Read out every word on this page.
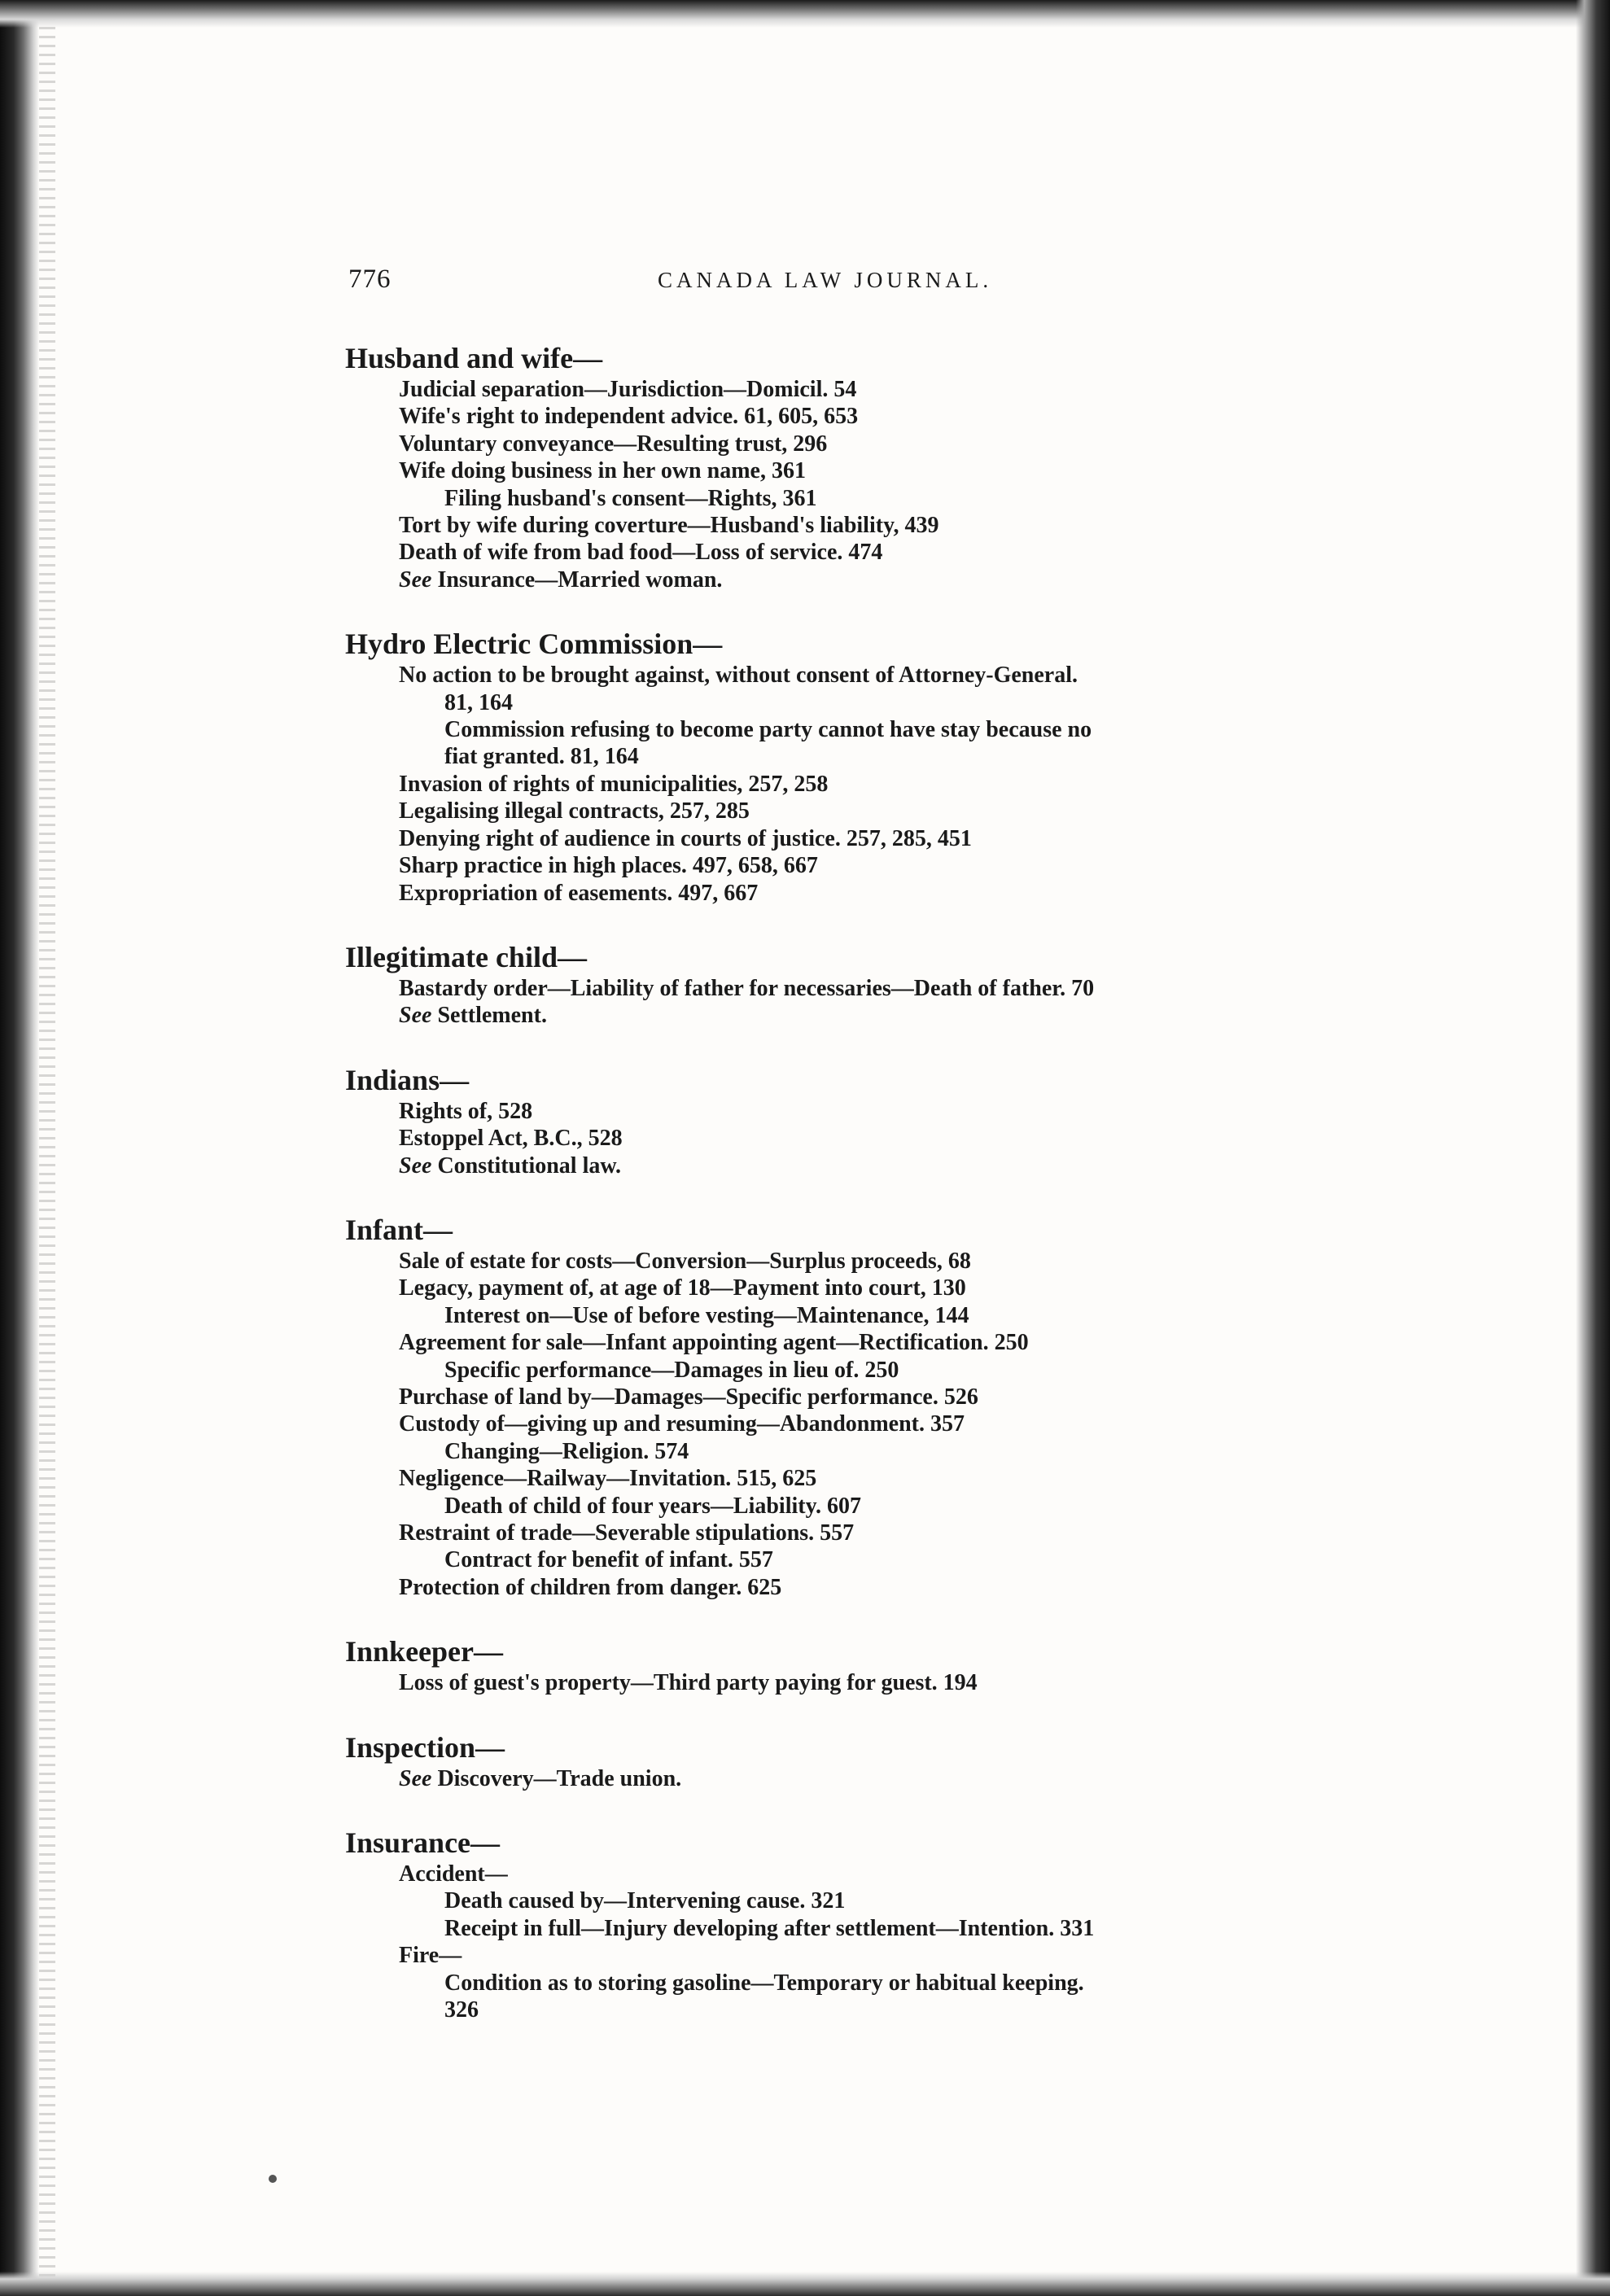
776	CANADA LAW JOURNAL.
Husband and wife—
Judicial separation—Jurisdiction—Domicil. 54
Wife's right to independent advice. 61, 605, 653
Voluntary conveyance—Resulting trust, 296
Wife doing business in her own name, 361
Filing husband's consent—Rights, 361
Tort by wife during coverture—Husband's liability, 439
Death of wife from bad food—Loss of service. 474
See Insurance—Married woman.
Hydro Electric Commission—
No action to be brought against, without consent of Attorney-General.
81, 164
Commission refusing to become party cannot have stay because no
fiat granted. 81, 164
Invasion of rights of municipalities, 257, 258
Legalising illegal contracts, 257, 285
Denying right of audience in courts of justice. 257, 285, 451
Sharp practice in high places. 497, 658, 667
Expropriation of easements. 497, 667
Illegitimate child—
Bastardy order—Liability of father for necessaries—Death of father. 70
See Settlement.
Indians—
Rights of, 528
Estoppel Act, B.C., 528
See Constitutional law.
Infant—
Sale of estate for costs—Conversion—Surplus proceeds, 68
Legacy, payment of, at age of 18—Payment into court, 130
Interest on—Use of before vesting—Maintenance, 144
Agreement for sale—Infant appointing agent—Rectification. 250
Specific performance—Damages in lieu of. 250
Purchase of land by—Damages—Specific performance. 526
Custody of—giving up and resuming—Abandonment. 357
Changing—Religion. 574
Negligence—Railway—Invitation. 515, 625
Death of child of four years—Liability. 607
Restraint of trade—Severable stipulations. 557
Contract for benefit of infant. 557
Protection of children from danger. 625
Innkeeper—
Loss of guest's property—Third party paying for guest. 194
Inspection—
See Discovery—Trade union.
Insurance—
Accident—
Death caused by—Intervening cause. 321
Receipt in full—Injury developing after settlement—Intention. 331
Fire—
Condition as to storing gasoline—Temporary or habitual keeping.
326
